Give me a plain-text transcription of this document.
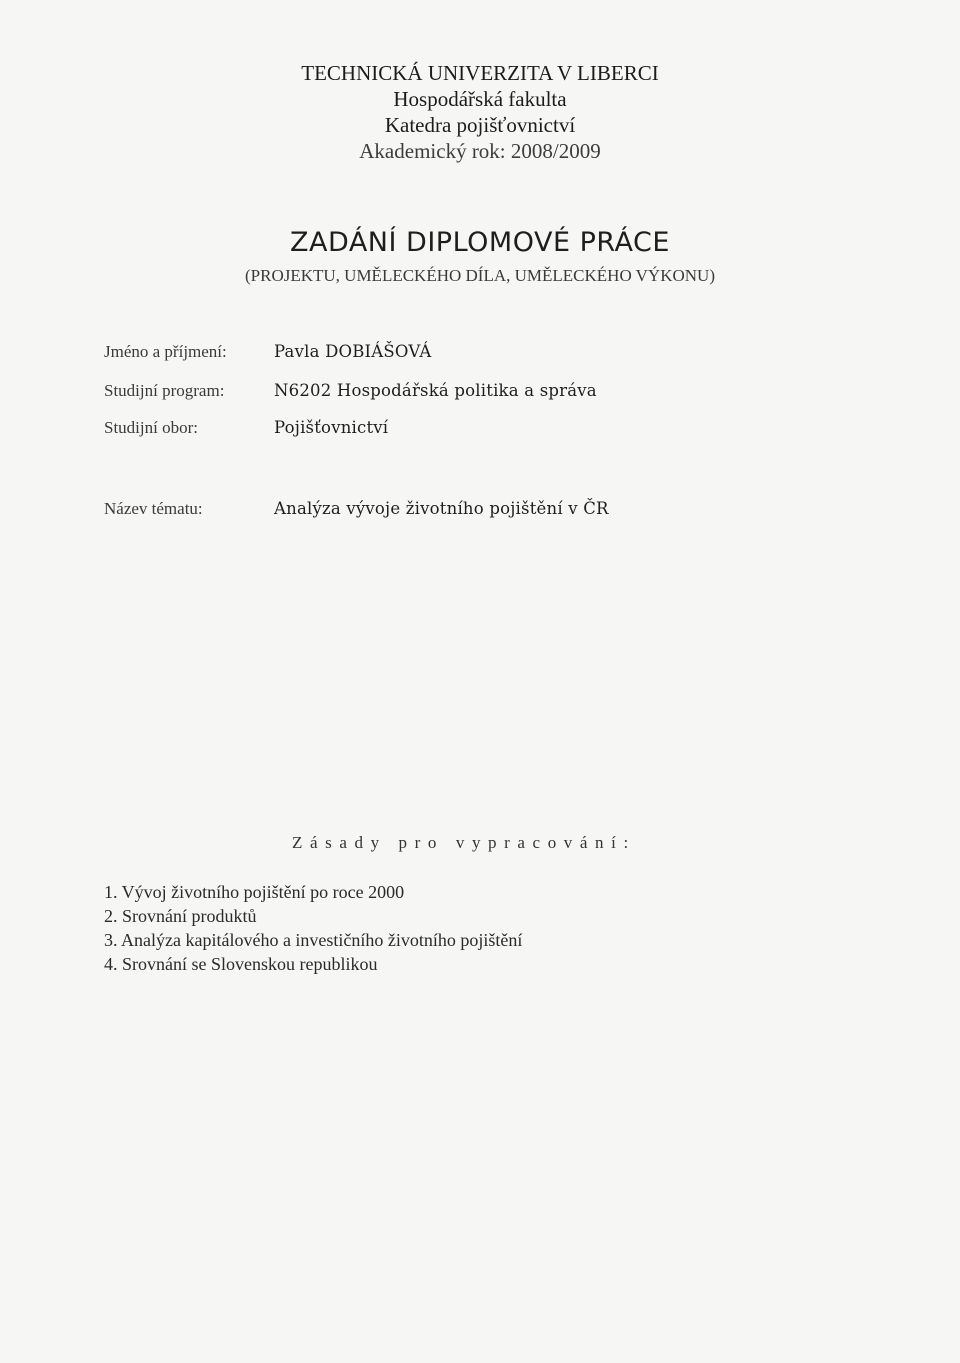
TECHNICKÁ UNIVERZITA V LIBERCI
Hospodářská fakulta
Katedra pojišťovnictví
Akademický rok: 2008/2009
ZADÁNÍ DIPLOMOVÉ PRÁCE
(PROJEKTU, UMĚLECKÉHO DÍLA, UMĚLECKÉHO VÝKONU)
Jméno a příjmení:	Pavla DOBIÁŠOVÁ
Studijní program:	N6202 Hospodářská politika a správa
Studijní obor:	Pojišťovnictví
Název tématu:	Analýza vývoje životního pojištění v ČR
Zásady pro vypracování:
1. Vývoj životního pojištění po roce 2000
2. Srovnání produktů
3. Analýza kapitálového a investičního životního pojištění
4. Srovnání se Slovenskou republikou
